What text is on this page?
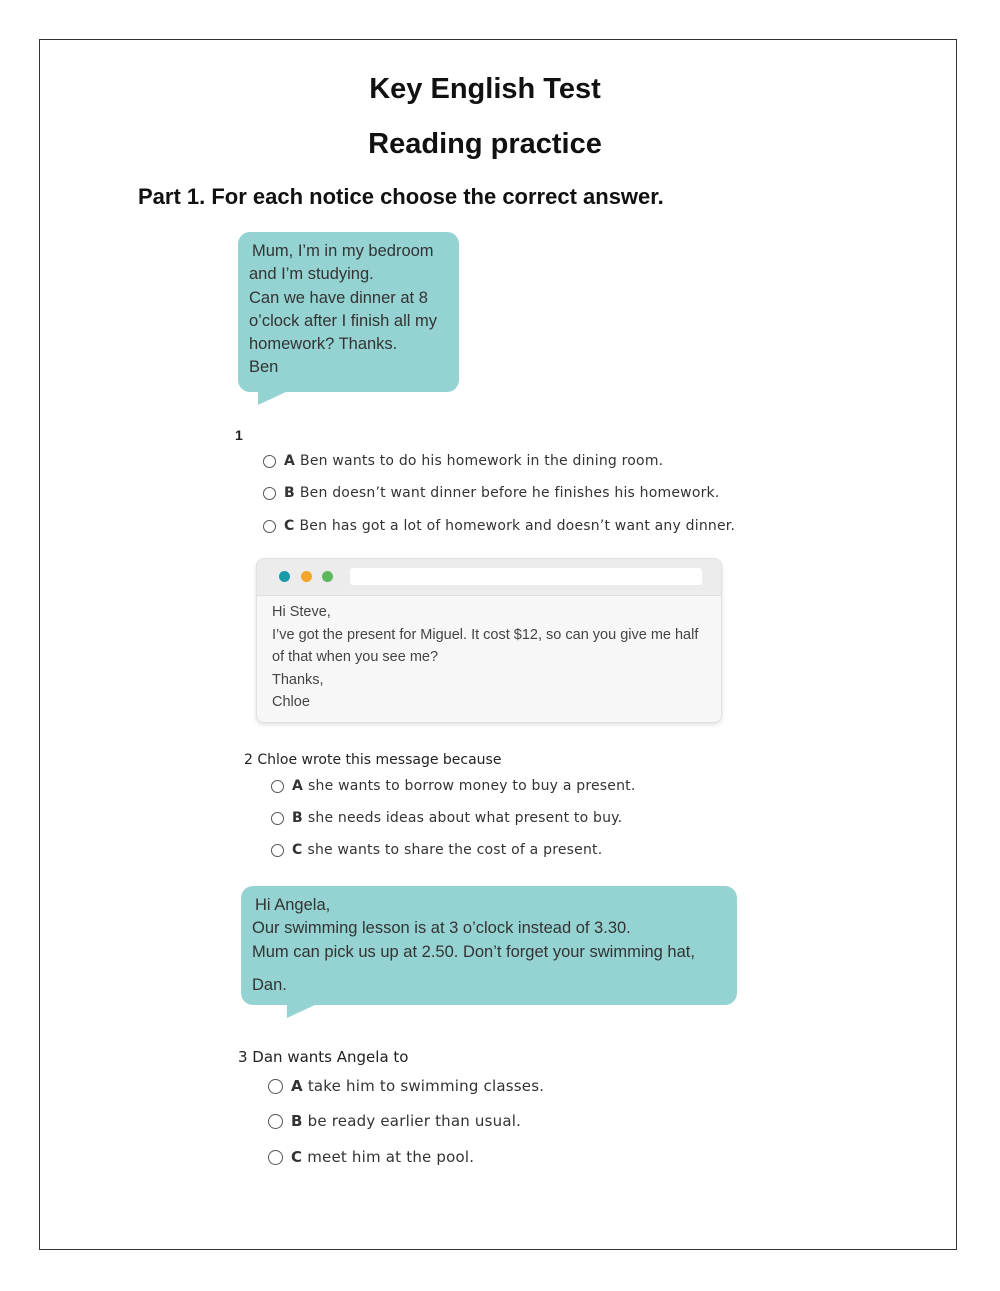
Key English Test
Reading practice
Part 1. For each notice choose the correct answer.
Mum, I’m in my bedroom
and I’m studying.
Can we have dinner at 8
o’clock after I finish all my
homework? Thanks.
Ben
1
A Ben wants to do his homework in the dining room.
B Ben doesn’t want dinner before he finishes his homework.
C Ben has got a lot of homework and doesn’t want any dinner.
Hi Steve,
I’ve got the present for Miguel. It cost $12, so can you give me half
of that when you see me?
Thanks,
Chloe
2 Chloe wrote this message because
A she wants to borrow money to buy a present.
B she needs ideas about what present to buy.
C she wants to share the cost of a present.
Hi Angela,
Our swimming lesson is at 3 o’clock instead of 3.30.
Mum can pick us up at 2.50. Don’t forget your swimming hat,
Dan.
3 Dan wants Angela to
A take him to swimming classes.
B be ready earlier than usual.
C meet him at the pool.
